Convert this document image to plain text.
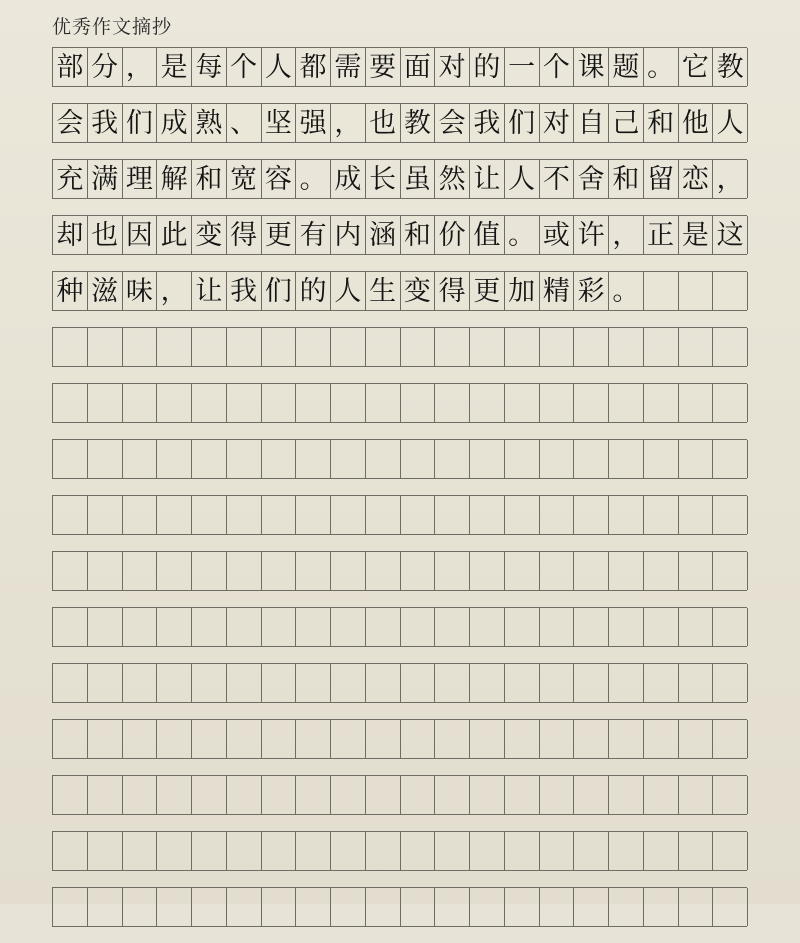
优秀作文摘抄
部 分 ， 是 每 个 人 都 需 要 面 对 的 一 个 课 题 。 它 教
会 我 们 成 熟 、 坚 强 ， 也 教 会 我 们 对 自 己 和 他 人
充 满 理 解 和 宽 容 。 成 长 虽 然 让 人 不 舍 和 留 恋 ，
却 也 因 此 变 得 更 有 内 涵 和 价 值 。 或 许 ， 正 是 这
种 滋 味 ， 让 我 们 的 人 生 变 得 更 加 精 彩 。
